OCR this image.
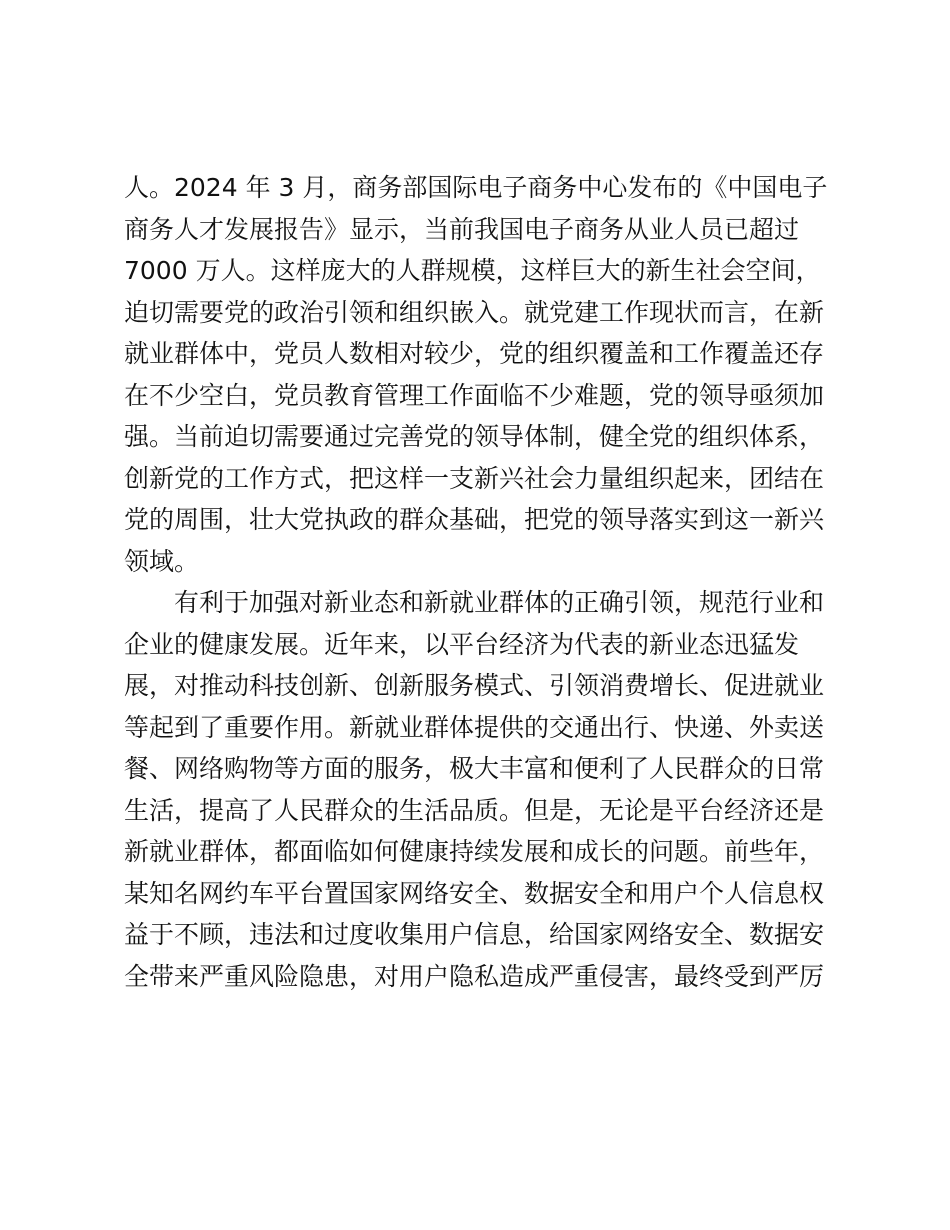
人。2024 年 3 月，商务部国际电子商务中心发布的《中国电子
商务人才发展报告》显示，当前我国电子商务从业人员已超过
7000 万人。这样庞大的人群规模，这样巨大的新生社会空间，
迫切需要党的政治引领和组织嵌入。就党建工作现状而言，在新
就业群体中，党员人数相对较少，党的组织覆盖和工作覆盖还存
在不少空白，党员教育管理工作面临不少难题，党的领导亟须加
强。当前迫切需要通过完善党的领导体制，健全党的组织体系，
创新党的工作方式，把这样一支新兴社会力量组织起来，团结在
党的周围，壮大党执政的群众基础，把党的领导落实到这一新兴
领域。
　　有利于加强对新业态和新就业群体的正确引领，规范行业和
企业的健康发展。近年来，以平台经济为代表的新业态迅猛发
展，对推动科技创新、创新服务模式、引领消费增长、促进就业
等起到了重要作用。新就业群体提供的交通出行、快递、外卖送
餐、网络购物等方面的服务，极大丰富和便利了人民群众的日常
生活，提高了人民群众的生活品质。但是，无论是平台经济还是
新就业群体，都面临如何健康持续发展和成长的问题。前些年，
某知名网约车平台置国家网络安全、数据安全和用户个人信息权
益于不顾，违法和过度收集用户信息，给国家网络安全、数据安
全带来严重风险隐患，对用户隐私造成严重侵害，最终受到严厉
